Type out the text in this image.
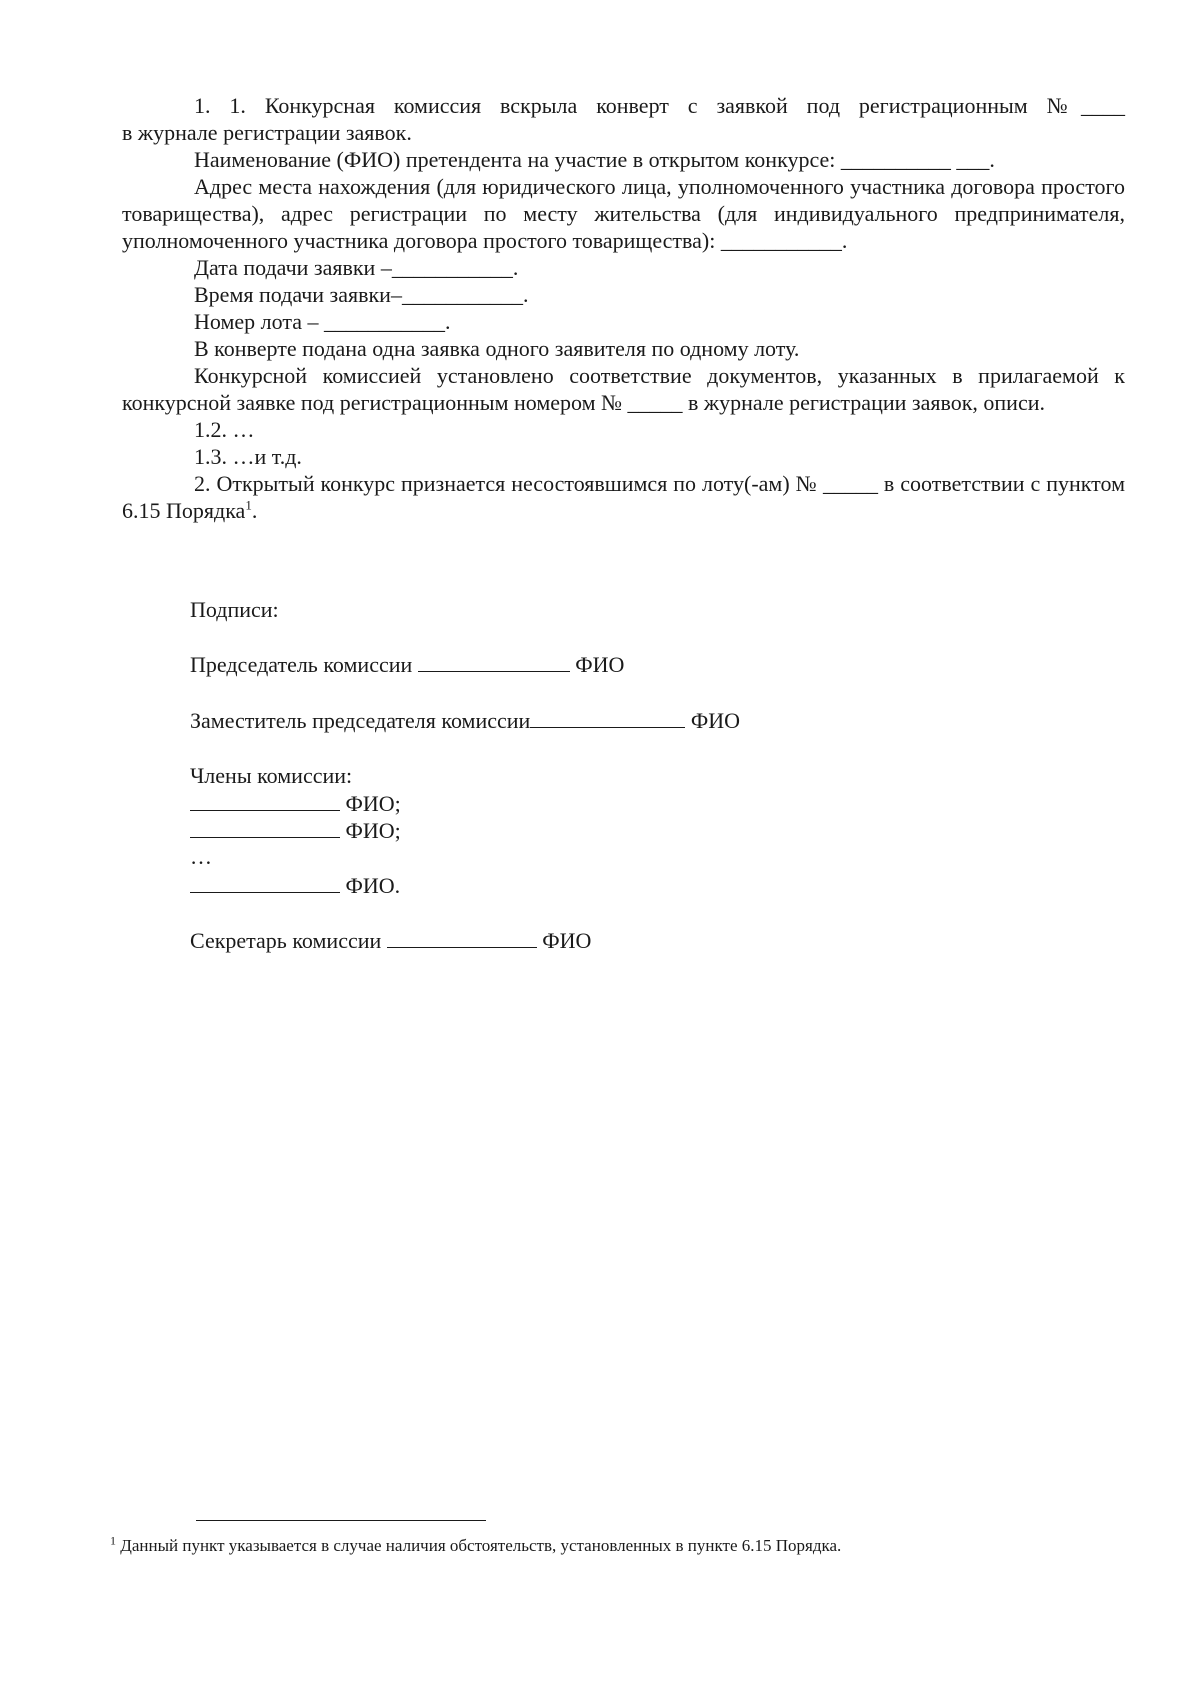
1. 1. Конкурсная комиссия вскрыла конверт с заявкой под регистрационным №____

в журнале регистрации заявок.

Наименование (ФИО) претендента на участие в открытом конкурсе: __________ ___.

Адрес места нахождения (для юридического лица, уполномоченного участника договора простого товарищества), адрес регистрации по месту жительства (для индивидуального предпринимателя, уполномоченного участника договора простого товарищества): ___________.

Дата подачи заявки –___________.

Время подачи заявки–___________.

Номер лота – ___________.

В конверте подана одна заявка одного заявителя по одному лоту.

Конкурсной комиссией установлено соответствие документов, указанных в прилагаемой к конкурсной заявке под регистрационным номером № _____ в журнале регистрации заявок, описи.

1.2. …

1.3. …и т.д.

2. Открытый конкурс признается несостоявшимся по лоту(-ам) № _____ в соответствии с пунктом 6.15 Порядка$^1$.

Подписи:
Председатель комиссии	ФИО
Заместитель председателя комиссии	ФИО
Члены комиссии:
ФИО;
ФИО;
…
ФИО.
Секретарь комиссии	ФИО
$^1$ Данный пункт указывается в случае наличия обстоятельств, установленных в пункте 6.15 Порядка.
